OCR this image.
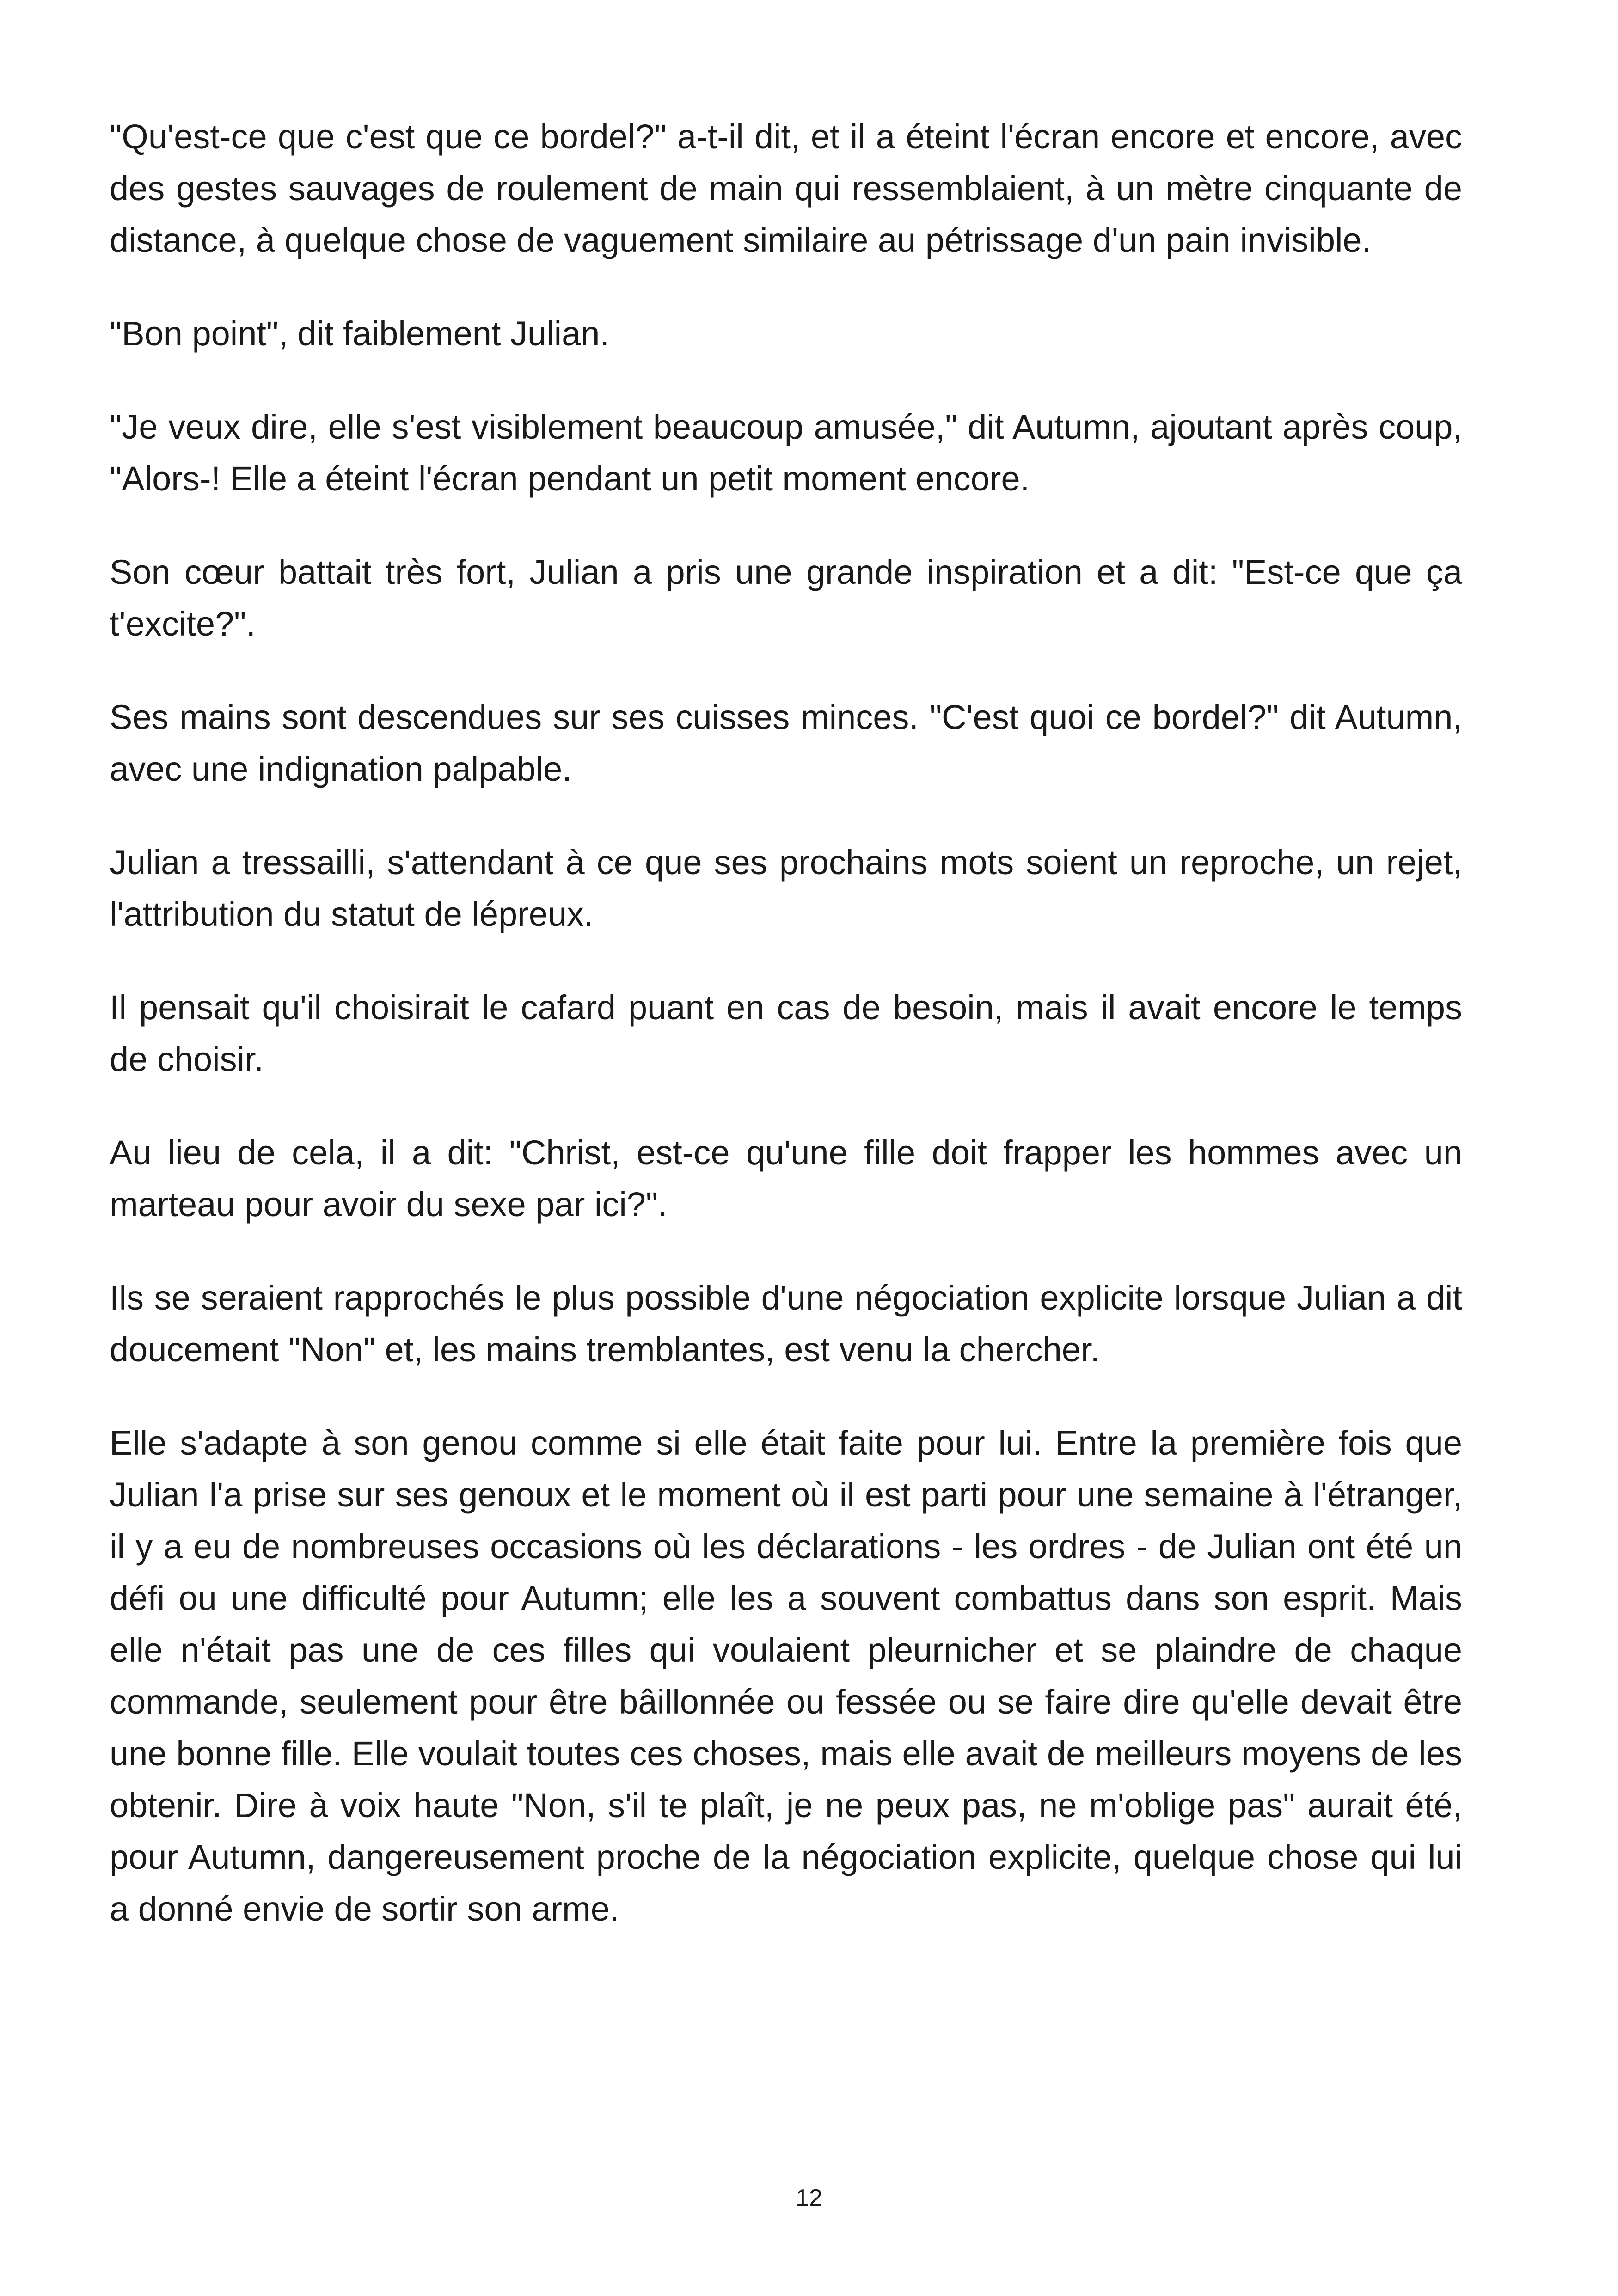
"Qu'est-ce que c'est que ce bordel?" a-t-il dit, et il a éteint l'écran encore et encore, avec des gestes sauvages de roulement de main qui ressemblaient, à un mètre cinquante de distance, à quelque chose de vaguement similaire au pétrissage d'un pain invisible.

"Bon point", dit faiblement Julian.

"Je veux dire, elle s'est visiblement beaucoup amusée," dit Autumn, ajoutant après coup, "Alors-! Elle a éteint l'écran pendant un petit moment encore.

Son cœur battait très fort, Julian a pris une grande inspiration et a dit: "Est-ce que ça t'excite?".

Ses mains sont descendues sur ses cuisses minces. "C'est quoi ce bordel?" dit Autumn, avec une indignation palpable.

Julian a tressailli, s'attendant à ce que ses prochains mots soient un reproche, un rejet, l'attribution du statut de lépreux.

Il pensait qu'il choisirait le cafard puant en cas de besoin, mais il avait encore le temps de choisir.

Au lieu de cela, il a dit: "Christ, est-ce qu'une fille doit frapper les hommes avec un marteau pour avoir du sexe par ici?".

Ils se seraient rapprochés le plus possible d'une négociation explicite lorsque Julian a dit doucement "Non" et, les mains tremblantes, est venu la chercher.

Elle s'adapte à son genou comme si elle était faite pour lui. Entre la première fois que Julian l'a prise sur ses genoux et le moment où il est parti pour une semaine à l'étranger, il y a eu de nombreuses occasions où les déclarations - les ordres - de Julian ont été un défi ou une difficulté pour Autumn; elle les a souvent combattus dans son esprit. Mais elle n'était pas une de ces filles qui voulaient pleurnicher et se plaindre de chaque commande, seulement pour être bâillonnée ou fessée ou se faire dire qu'elle devait être une bonne fille. Elle voulait toutes ces choses, mais elle avait de meilleurs moyens de les obtenir. Dire à voix haute "Non, s'il te plaît, je ne peux pas, ne m'oblige pas" aurait été, pour Autumn, dangereusement proche de la négociation explicite, quelque chose qui lui a donné envie de sortir son arme.

12
